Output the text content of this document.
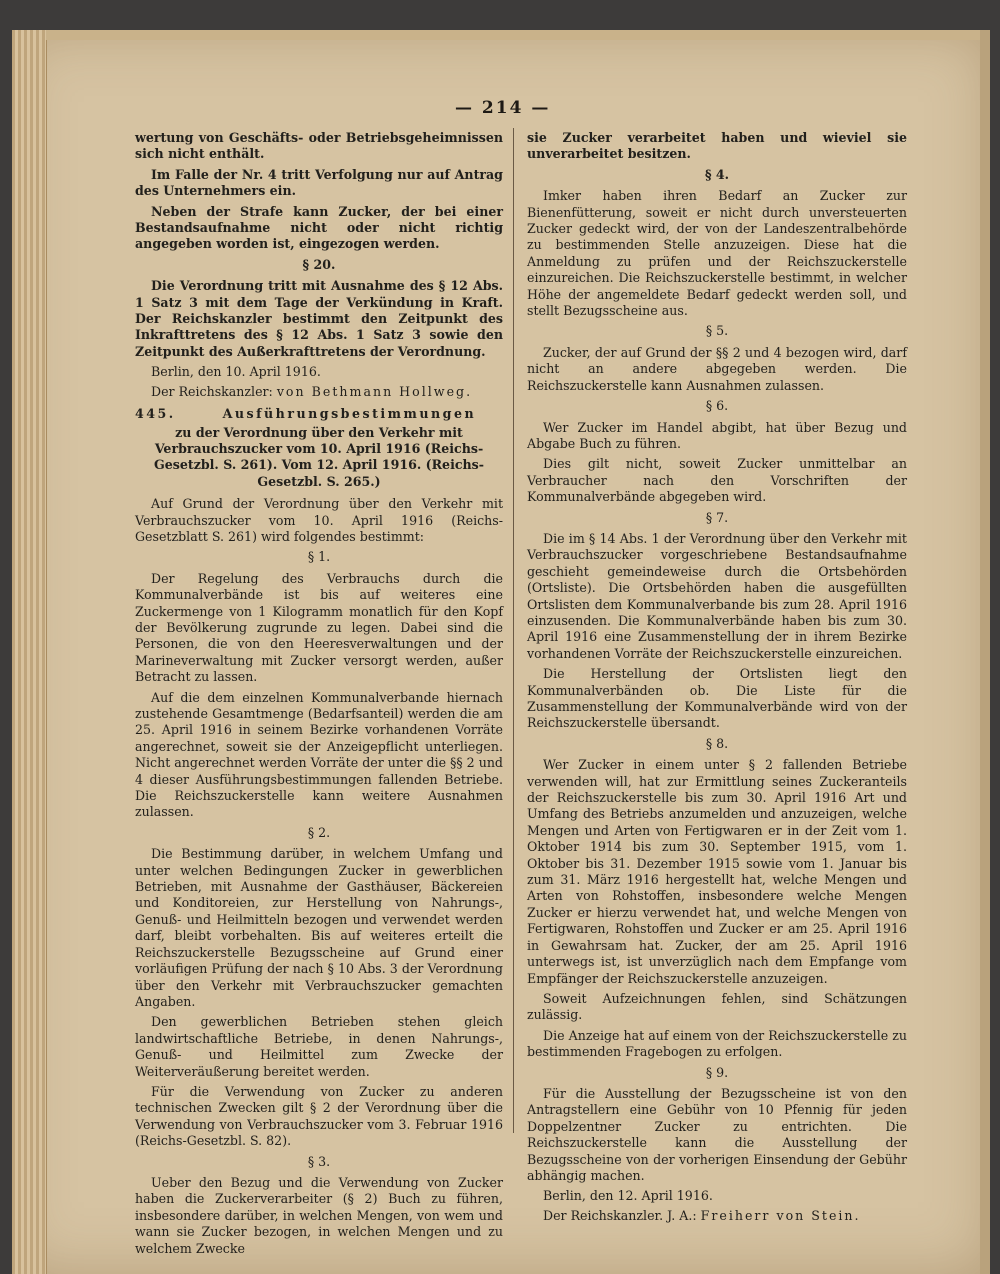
— 214 —

wertung von Geschäfts- oder Betriebsgeheimnissen sich nicht enthält.

Im Falle der Nr. 4 tritt Verfolgung nur auf Antrag des Unternehmers ein.

Neben der Strafe kann Zucker, der bei einer Bestandsaufnahme nicht oder nicht richtig angegeben worden ist, eingezogen werden.

§ 20.

Die Verordnung tritt mit Ausnahme des § 12 Abs. 1 Satz 3 mit dem Tage der Verkündung in Kraft. Der Reichskanzler bestimmt den Zeitpunkt des Inkrafttretens des § 12 Abs. 1 Satz 3 sowie den Zeitpunkt des Außerkrafttretens der Verordnung.

Berlin, den 10. April 1916.
Der Reichskanzler: von Bethmann Hollweg.
445.	Ausführungsbestimmungen
zu der Verordnung über den Verkehr mit Verbrauchszucker vom 10. April 1916 (Reichs-Gesetzbl. S. 261). Vom 12. April 1916. (Reichs-Gesetzbl. S. 265.)

Auf Grund der Verordnung über den Verkehr mit Verbrauchszucker vom 10. April 1916 (Reichs-Gesetzblatt S. 261) wird folgendes bestimmt:

§ 1.

Der Regelung des Verbrauchs durch die Kommunalverbände ist bis auf weiteres eine Zuckermenge von 1 Kilogramm monatlich für den Kopf der Bevölkerung zugrunde zu legen. Dabei sind die Personen, die von den Heeresverwaltungen und der Marineverwaltung mit Zucker versorgt werden, außer Betracht zu lassen.

Auf die dem einzelnen Kommunalverbande hiernach zustehende Gesamtmenge (Bedarfsanteil) werden die am 25. April 1916 in seinem Bezirke vorhandenen Vorräte angerechnet, soweit sie der Anzeigepflicht unterliegen. Nicht angerechnet werden Vorräte der unter die §§ 2 und 4 dieser Ausführungsbestimmungen fallenden Betriebe. Die Reichszuckerstelle kann weitere Ausnahmen zulassen.

§ 2.

Die Bestimmung darüber, in welchem Umfang und unter welchen Bedingungen Zucker in gewerblichen Betrieben, mit Ausnahme der Gasthäuser, Bäckereien und Konditoreien, zur Herstellung von Nahrungs-, Genuß- und Heilmitteln bezogen und verwendet werden darf, bleibt vorbehalten. Bis auf weiteres erteilt die Reichszuckerstelle Bezugsscheine auf Grund einer vorläufigen Prüfung der nach § 10 Abs. 3 der Verordnung über den Verkehr mit Verbrauchszucker gemachten Angaben.

Den gewerblichen Betrieben stehen gleich landwirtschaftliche Betriebe, in denen Nahrungs-, Genuß- und Heilmittel zum Zwecke der Weiterveräußerung bereitet werden.

Für die Verwendung von Zucker zu anderen technischen Zwecken gilt § 2 der Verordnung über die Verwendung von Verbrauchszucker vom 3. Februar 1916 (Reichs-Gesetzbl. S. 82).

§ 3.

Ueber den Bezug und die Verwendung von Zucker haben die Zuckerverarbeiter (§ 2) Buch zu führen, insbesondere darüber, in welchen Mengen, von wem und wann sie Zucker bezogen, in welchen Mengen und zu welchem Zwecke

sie Zucker verarbeitet haben und wieviel sie unverarbeitet besitzen.

§ 4.

Imker haben ihren Bedarf an Zucker zur Bienenfütterung, soweit er nicht durch unversteuerten Zucker gedeckt wird, der von der Landeszentralbehörde zu bestimmenden Stelle anzuzeigen. Diese hat die Anmeldung zu prüfen und der Reichszuckerstelle einzureichen. Die Reichszuckerstelle bestimmt, in welcher Höhe der angemeldete Bedarf gedeckt werden soll, und stellt Bezugsscheine aus.

§ 5.

Zucker, der auf Grund der §§ 2 und 4 bezogen wird, darf nicht an andere abgegeben werden. Die Reichszuckerstelle kann Ausnahmen zulassen.

§ 6.

Wer Zucker im Handel abgibt, hat über Bezug und Abgabe Buch zu führen.

Dies gilt nicht, soweit Zucker unmittelbar an Verbraucher nach den Vorschriften der Kommunalverbände abgegeben wird.

§ 7.

Die im § 14 Abs. 1 der Verordnung über den Verkehr mit Verbrauchszucker vorgeschriebene Bestandsaufnahme geschieht gemeindeweise durch die Ortsbehörden (Ortsliste). Die Ortsbehörden haben die ausgefüllten Ortslisten dem Kommunalverbande bis zum 28. April 1916 einzusenden. Die Kommunalverbände haben bis zum 30. April 1916 eine Zusammenstellung der in ihrem Bezirke vorhandenen Vorräte der Reichszuckerstelle einzureichen.

Die Herstellung der Ortslisten liegt den Kommunalverbänden ob. Die Liste für die Zusammenstellung der Kommunalverbände wird von der Reichszuckerstelle übersandt.

§ 8.

Wer Zucker in einem unter § 2 fallenden Betriebe verwenden will, hat zur Ermittlung seines Zuckeranteils der Reichszuckerstelle bis zum 30. April 1916 Art und Umfang des Betriebs anzumelden und anzuzeigen, welche Mengen und Arten von Fertigwaren er in der Zeit vom 1. Oktober 1914 bis zum 30. September 1915, vom 1. Oktober bis 31. Dezember 1915 sowie vom 1. Januar bis zum 31. März 1916 hergestellt hat, welche Mengen und Arten von Rohstoffen, insbesondere welche Mengen Zucker er hierzu verwendet hat, und welche Mengen von Fertigwaren, Rohstoffen und Zucker er am 25. April 1916 in Gewahrsam hat. Zucker, der am 25. April 1916 unterwegs ist, ist unverzüglich nach dem Empfange vom Empfänger der Reichszuckerstelle anzuzeigen.

Soweit Aufzeichnungen fehlen, sind Schätzungen zulässig.

Die Anzeige hat auf einem von der Reichszuckerstelle zu bestimmenden Fragebogen zu erfolgen.

§ 9.

Für die Ausstellung der Bezugsscheine ist von den Antragstellern eine Gebühr von 10 Pfennig für jeden Doppelzentner Zucker zu entrichten. Die Reichszuckerstelle kann die Ausstellung der Bezugsscheine von der vorherigen Einsendung der Gebühr abhängig machen.

Berlin, den 12. April 1916.
Der Reichskanzler. J. A.: Freiherr von Stein.
